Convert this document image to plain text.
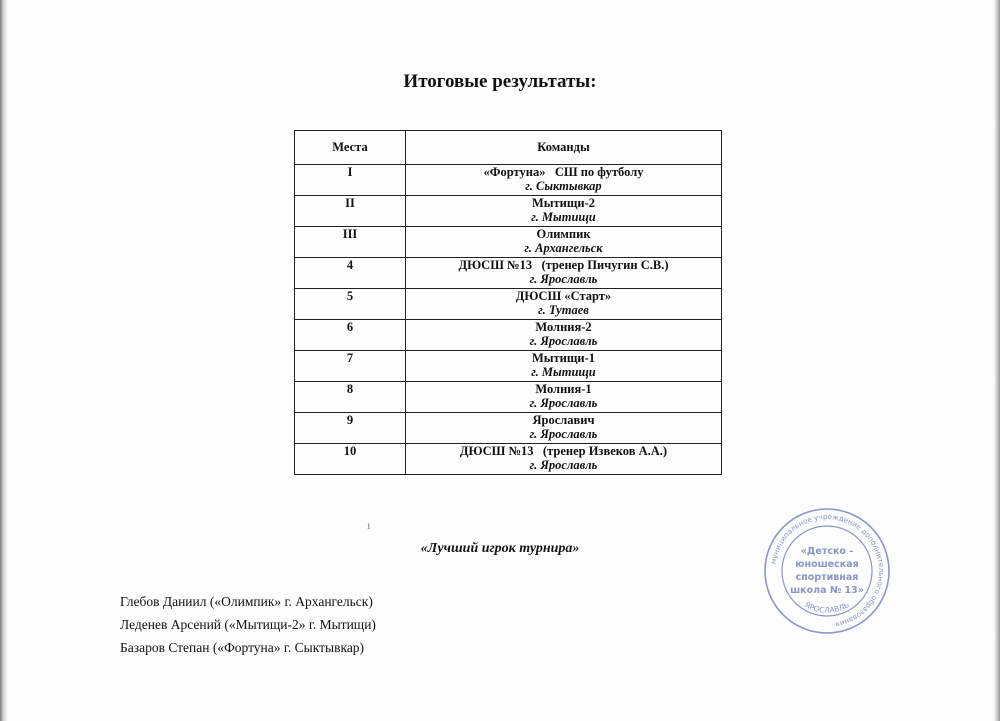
Итоговые результаты:
Места	Команды
I	«Фортуна»   СШ по футболу
г. Сыктывкар

II	Мытищи-2
г. Мытищи

III	Олимпик
г. Архангельск

4	ДЮСШ №13   (тренер Пичугин С.В.)
г. Ярославль

5	ДЮСШ «Старт»
г. Тутаев

6	Молния-2
г. Ярославль

7	Мытищи-1
г. Мытищи

8	Молния-1
г. Ярославль

9	Ярославич
г. Ярославль

10	ДЮСШ №13   (тренер Извеков А.А.)
г. Ярославль
ı
«Лучший игрок турнира»
Глебов Даниил («Олимпик» г. Архангельск)
Леденев Арсений («Мытищи-2» г. Мытищи)
Базаров Степан («Фортуна» г. Сыктывкар)
муниципальное учреждение дополнительного образования
ЯРОСЛАВЛЬ
«Детско -
юношеская
спортивная
школа № 13»
